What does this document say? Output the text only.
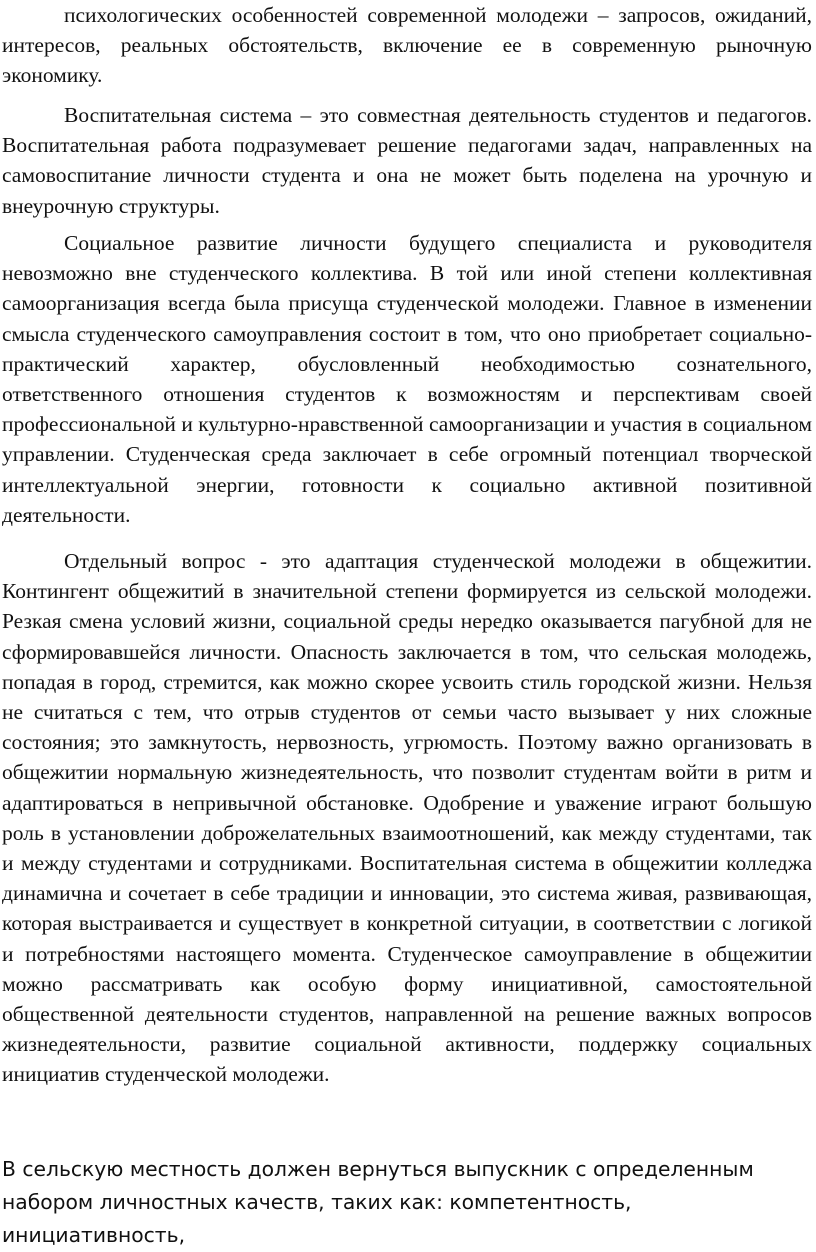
психологических особенностей современной молодежи – запросов, ожиданий, интересов, реальных обстоятельств, включение ее в современную рыночную экономику.

Воспитательная система – это совместная деятельность студентов и педагогов. Воспитательная работа подразумевает решение педагогами задач, направленных на самовоспитание личности студента и она не может быть поделена на урочную и внеурочную структуры.

Социальное развитие личности будущего специалиста и руководителя невозможно вне студенческого коллектива. В той или иной степени коллективная самоорганизация всегда была присуща студенческой молодежи. Главное в изменении смысла студенческого самоуправления состоит в том, что оно приобретает социально-практический характер, обусловленный необходимостью сознательного, ответственного отношения студентов к возможностям и перспективам своей профессиональной и культурно-нравственной самоорганизации и участия в социальном управлении. Студенческая среда заключает в себе огромный потенциал творческой интеллектуальной энергии, готовности к социально активной позитивной деятельности.

Отдельный вопрос - это адаптация студенческой молодежи в общежитии. Контингент общежитий в значительной степени формируется из сельской молодежи. Резкая смена условий жизни, социальной среды нередко оказывается пагубной для не сформировавшейся личности. Опасность заключается в том, что сельская молодежь, попадая в город, стремится, как можно скорее усвоить стиль городской жизни. Нельзя не считаться с тем, что отрыв студентов от семьи часто вызывает у них сложные состояния; это замкнутость, нервозность, угрюмость. Поэтому важно организовать в общежитии нормальную жизнедеятельность, что позволит студентам войти в ритм и адаптироваться в непривычной обстановке. Одобрение и уважение играют большую роль в установлении доброжелательных взаимоотношений, как между студентами, так и между студентами и сотрудниками. Воспитательная система в общежитии колледжа динамична и сочетает в себе традиции и инновации, это система живая, развивающая, которая выстраивается и существует в конкретной ситуации, в соответствии с логикой и потребностями настоящего момента. Студенческое самоуправление в общежитии можно рассматривать как особую форму инициативной, самостоятельной общественной деятельности студентов, направленной на решение важных вопросов жизнедеятельности, развитие социальной активности, поддержку социальных инициатив студенческой молодежи.

В сельскую местность должен вернуться выпускник с определенным набором личностных качеств, таких как: компетентность, инициативность,
